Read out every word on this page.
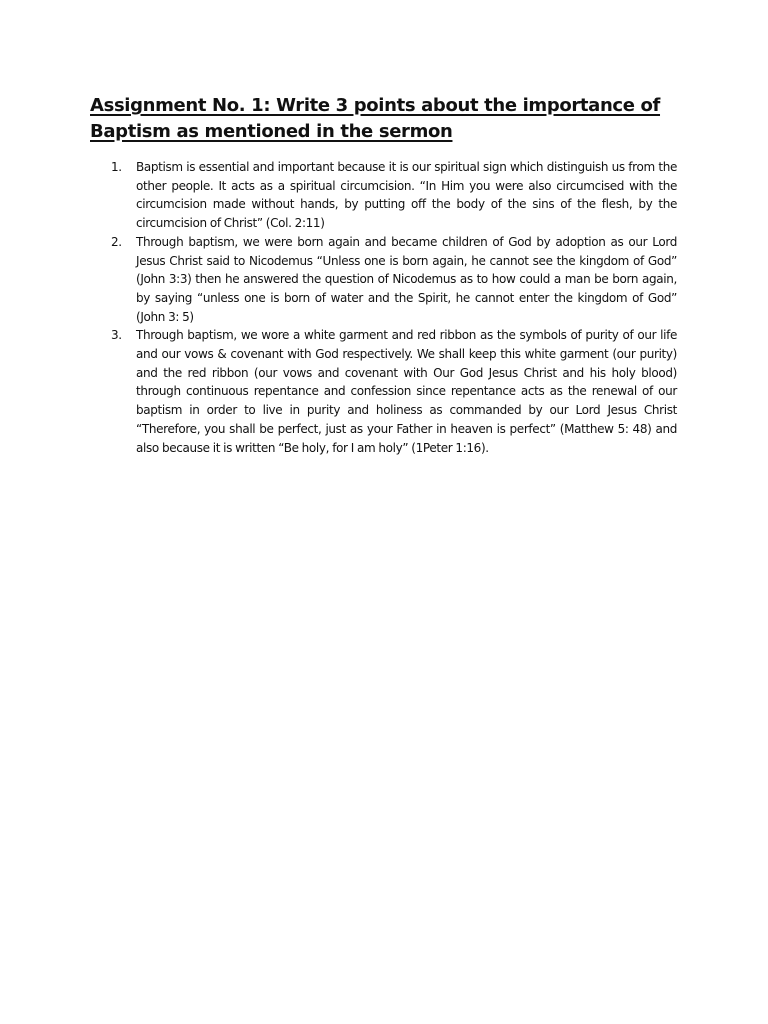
Assignment No. 1: Write 3 points about the importance of Baptism as mentioned in the sermon
1.	Baptism is essential and important because it is our spiritual sign which distinguish us from the other people. It acts as a spiritual circumcision. “In Him you were also circumcised with the circumcision made without hands, by putting off the body of the sins of the flesh, by the circumcision of Christ” (Col. 2:11)
2.	Through baptism, we were born again and became children of God by adoption as our Lord Jesus Christ said to Nicodemus “Unless one is born again, he cannot see the kingdom of God” (John 3:3) then he answered the question of Nicodemus as to how could a man be born again, by saying “unless one is born of water and the Spirit, he cannot enter the kingdom of God” (John 3: 5)
3.	Through baptism, we wore a white garment and red ribbon as the symbols of purity of our life and our vows & covenant with God respectively. We shall keep this white garment (our purity) and the red ribbon (our vows and covenant with Our God Jesus Christ and his holy blood) through continuous repentance and confession since repentance acts as the renewal of our baptism in order to live in purity and holiness as commanded by our Lord Jesus Christ “Therefore, you shall be perfect, just as your Father in heaven is perfect” (Matthew 5: 48) and also because it is written “Be holy, for I am holy” (1Peter 1:16).
